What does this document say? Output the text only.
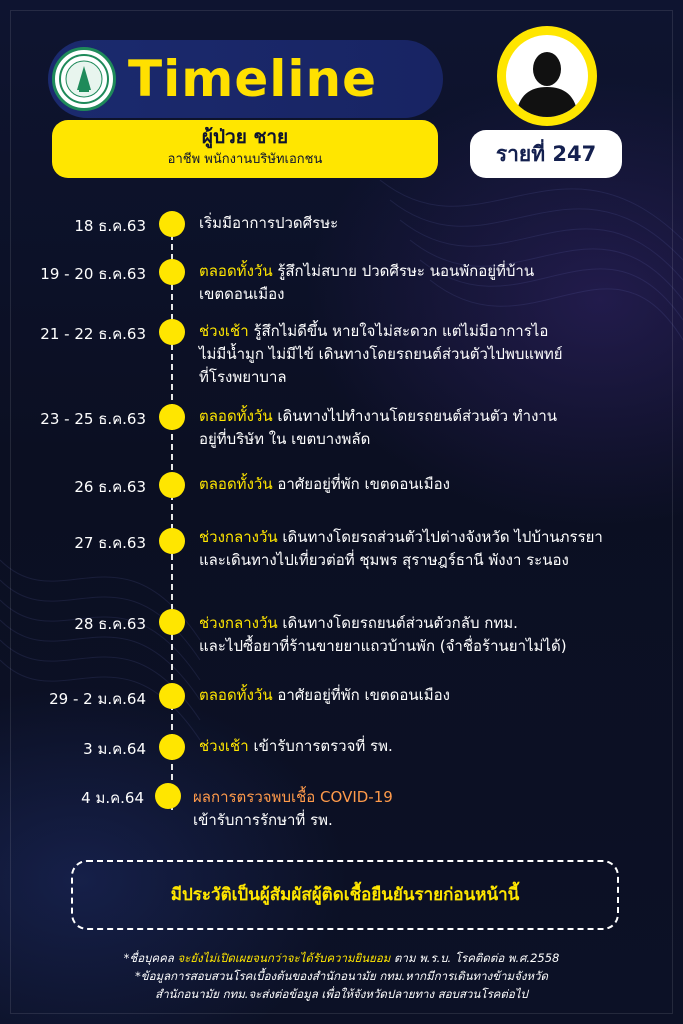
Timeline
ผู้ป่วย ชาย
อาชีพ พนักงานบริษัทเอกชน	รายที่ 247
18 ธ.ค.63	เริ่มมีอาการปวดศีรษะ
19 - 20 ธ.ค.63	ตลอดทั้งวัน รู้สึกไม่สบาย ปวดศีรษะ นอนพักอยู่ที่บ้าน
เขตดอนเมือง
21 - 22 ธ.ค.63	ช่วงเช้า รู้สึกไม่ดีขึ้น หายใจไม่สะดวก แต่ไม่มีอาการไอ
ไม่มีน้ำมูก ไม่มีไข้ เดินทางโดยรถยนต์ส่วนตัวไปพบแพทย์
ที่โรงพยาบาล
23 - 25 ธ.ค.63	ตลอดทั้งวัน เดินทางไปทำงานโดยรถยนต์ส่วนตัว ทำงาน
อยู่ที่บริษัท ใน เขตบางพลัด
26 ธ.ค.63	ตลอดทั้งวัน อาศัยอยู่ที่พัก เขตดอนเมือง
27 ธ.ค.63	ช่วงกลางวัน เดินทางโดยรถส่วนตัวไปต่างจังหวัด ไปบ้านภรรยา
และเดินทางไปเที่ยวต่อที่ ชุมพร สุราษฎร์ธานี พังงา ระนอง
28 ธ.ค.63	ช่วงกลางวัน เดินทางโดยรถยนต์ส่วนตัวกลับ กทม.
และไปซื้อยาที่ร้านขายยาแถวบ้านพัก (จำชื่อร้านยาไม่ได้)
29 - 2 ม.ค.64	ตลอดทั้งวัน อาศัยอยู่ที่พัก เขตดอนเมือง
3 ม.ค.64	ช่วงเช้า เข้ารับการตรวจที่ รพ.
4 ม.ค.64	ผลการตรวจพบเชื้อ COVID-19
เข้ารับการรักษาที่ รพ.
มีประวัติเป็นผู้สัมผัสผู้ติดเชื้อยืนยันรายก่อนหน้านี้
*ชื่อบุคคล จะยังไม่เปิดเผยจนกว่าจะได้รับความยินยอม ตาม พ.ร.บ. โรคติดต่อ พ.ศ.2558
*ข้อมูลการสอบสวนโรคเบื้องต้นของสำนักอนามัย กทม.หากมีการเดินทางข้ามจังหวัด
สำนักอนามัย กทม.จะส่งต่อข้อมูล เพื่อให้จังหวัดปลายทาง สอบสวนโรคต่อไป
